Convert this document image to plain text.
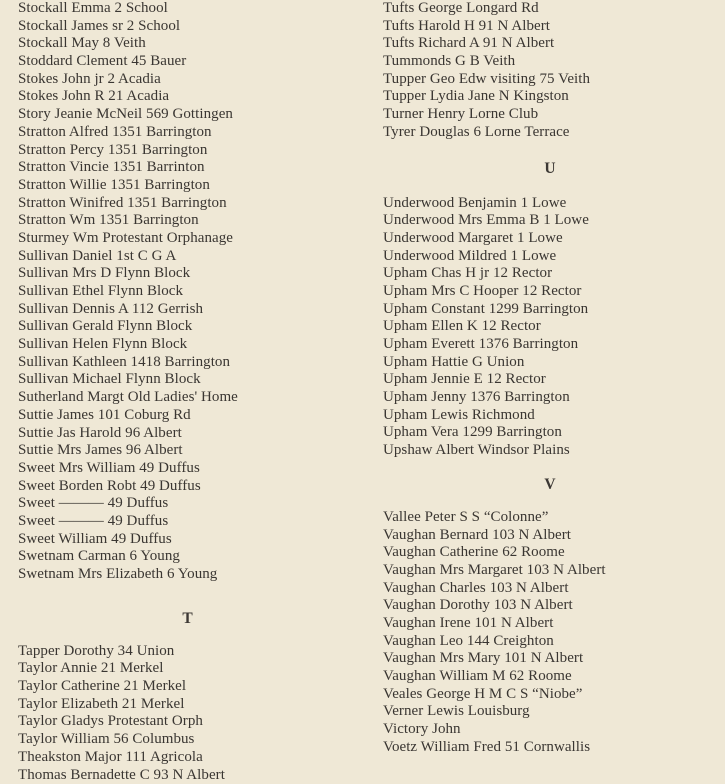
Stockall Emma 2 School
Stockall James sr 2 School
Stockall May 8 Veith
Stoddard Clement 45 Bauer
Stokes John jr 2 Acadia
Stokes John R 21 Acadia
Story Jeanie McNeil 569 Gottingen
Stratton Alfred 1351 Barrington
Stratton Percy 1351 Barrington
Stratton Vincie 1351 Barrinton
Stratton Willie 1351 Barrington
Stratton Winifred 1351 Barrington
Stratton Wm 1351 Barrington
Sturmey Wm Protestant Orphanage
Sullivan Daniel 1st C G A
Sullivan Mrs D Flynn Block
Sullivan Ethel Flynn Block
Sullivan Dennis A 112 Gerrish
Sullivan Gerald Flynn Block
Sullivan Helen Flynn Block
Sullivan Kathleen 1418 Barrington
Sullivan Michael Flynn Block
Sutherland Margt Old Ladies' Home
Suttie James 101 Coburg Rd
Suttie Jas Harold 96 Albert
Suttie Mrs James 96 Albert
Sweet Mrs William 49 Duffus
Sweet Borden Robt 49 Duffus
Sweet ——— 49 Duffus
Sweet ——— 49 Duffus
Sweet William 49 Duffus
Swetnam Carman 6 Young
Swetnam Mrs Elizabeth 6 Young
T
Tapper Dorothy 34 Union
Taylor Annie 21 Merkel
Taylor Catherine 21 Merkel
Taylor Elizabeth 21 Merkel
Taylor Gladys Protestant Orph
Taylor William 56 Columbus
Theakston Major 111 Agricola
Thomas Bernadette C 93 N Albert
Tufts George Longard Rd
Tufts Harold H 91 N Albert
Tufts Richard A 91 N Albert
Tummonds G B Veith
Tupper Geo Edw visiting 75 Veith
Tupper Lydia Jane N Kingston
Turner Henry Lorne Club
Tyrer Douglas 6 Lorne Terrace
U
Underwood Benjamin 1 Lowe
Underwood Mrs Emma B 1 Lowe
Underwood Margaret 1 Lowe
Underwood Mildred 1 Lowe
Upham Chas H jr 12 Rector
Upham Mrs C Hooper 12 Rector
Upham Constant 1299 Barrington
Upham Ellen K 12 Rector
Upham Everett 1376 Barrington
Upham Hattie G Union
Upham Jennie E 12 Rector
Upham Jenny 1376 Barrington
Upham Lewis Richmond
Upham Vera 1299 Barrington
Upshaw Albert Windsor Plains
V
Vallee Peter S S “Colonne”
Vaughan Bernard 103 N Albert
Vaughan Catherine 62 Roome
Vaughan Mrs Margaret 103 N Albert
Vaughan Charles 103 N Albert
Vaughan Dorothy 103 N Albert
Vaughan Irene 101 N Albert
Vaughan Leo 144 Creighton
Vaughan Mrs Mary 101 N Albert
Vaughan William M 62 Roome
Veales George H M C S “Niobe”
Verner Lewis Louisburg
Victory John
Voetz William Fred 51 Cornwallis
